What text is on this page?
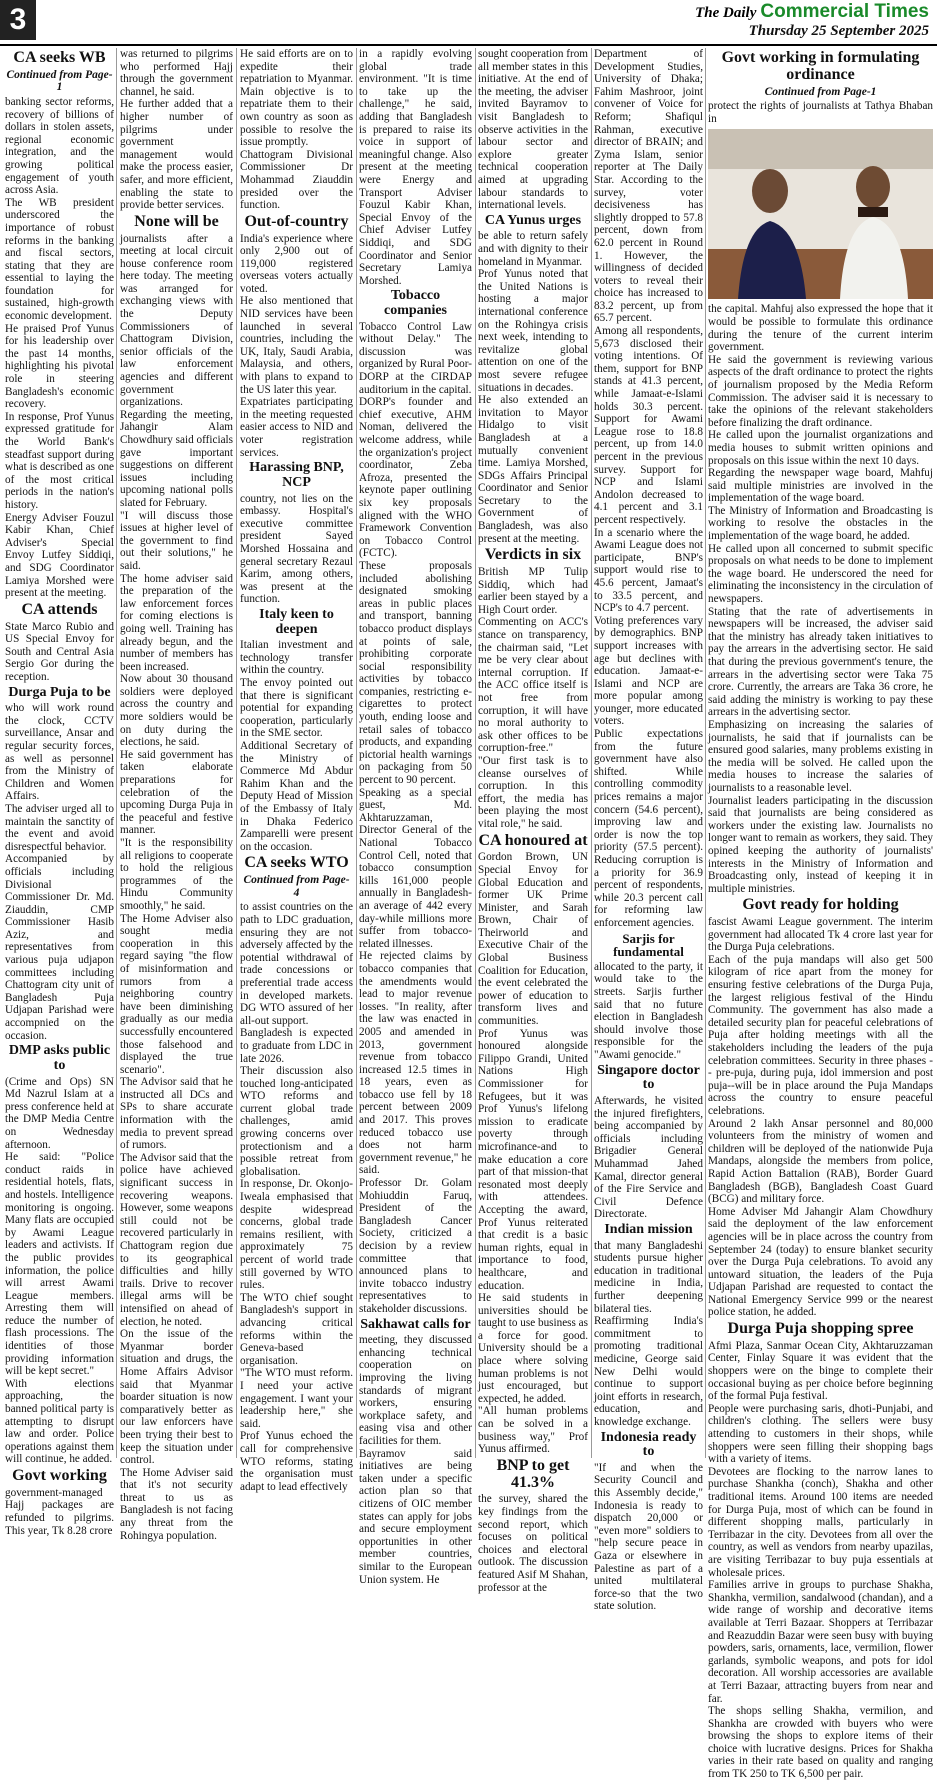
3	The Daily Commercial Times
Thursday 25 September 2025
CA seeks WB
Continued from Page-1

banking sector reforms, recovery of billions of dollars in stolen assets, regional economic integration, and the growing political engagement of youth across Asia.

The WB president underscored the importance of robust reforms in the banking and fiscal sectors, stating that they are essential to laying the foundation for sustained, high-growth economic development.

He praised Prof Yunus for his leadership over the past 14 months, highlighting his pivotal role in steering Bangladesh's economic recovery.

In response, Prof Yunus expressed gratitude for the World Bank's steadfast support during what is described as one of the most critical periods in the nation's history.

Energy Adviser Fouzul Kabir Khan, Chief Adviser's Special Envoy Lutfey Siddiqi, and SDG Coordinator Lamiya Morshed were present at the meeting.

CA attends

State Marco Rubio and US Special Envoy for South and Central Asia Sergio Gor during the reception.

Durga Puja to be

who will work round the clock, CCTV surveillance, Ansar and regular security forces, as well as personnel from the Ministry of Children and Women Affairs.

The adviser urged all to maintain the sanctity of the event and avoid disrespectful behavior.

Accompanied by officials including Divisional Commissioner Dr. Md. Ziauddin, CMP Commissioner Hasib Aziz, and representatives from various puja udjapon committees including Chattogram city unit of Bangladesh Puja Udjapan Parishad were accompnied on the occasion.

DMP asks public to

(Crime and Ops) SN Md Nazrul Islam at a press conference held at the DMP Media Centre on Wednesday afternoon.

He said: "Police conduct raids in residential hotels, flats, and hostels. Intelligence monitoring is ongoing. Many flats are occupied by Awami League leaders and activists. If the public provides information, the police will arrest Awami League members. Arresting them will reduce the number of flash processions. The identities of those providing information will be kept secret."

With elections approaching, the banned political party is attempting to disrupt law and order. Police operations against them will continue, he added.

Govt working

government-managed Hajj packages are refunded to pilgrims. This year, Tk 8.28 crore

was returned to pilgrims who performed Hajj through the government channel, he said.

He further added that a higher number of pilgrims under government management would make the process easier, safer, and more efficient, enabling the state to provide better services.

None will be

journalists after a meeting at local circuit house conference room here today. The meeting was arranged for exchanging views with the Deputy Commissioners of Chattogram Division, senior officials of the law enforcement agencies and different government organizations.

Regarding the meeting, Jahangir Alam Chowdhury said officials gave important suggestions on different issues including upcoming national polls slated for February.

"I will discuss those issues at higher level of the government to find out their solutions," he said.

The home adviser said the preparation of the law enforcement forces for coming elections is going well. Training has already begun, and the number of members has been increased.

Now about 30 thousand soldiers were deployed across the country and more soldiers would be on duty during the elections, he said.

He said government has taken elaborate preparations for celebration of the upcoming Durga Puja in the peaceful and festive manner.

"It is the responsibility all religions to cooperate to hold the religious programmes of the Hindu Community smoothly," he said.

The Home Adviser also sought media cooperation in this regard saying "the flow of misinformation and rumors from a neighboring country have been diminishing gradually as our media successfully encountered those falsehood and displayed the true scenario".

The Advisor said that he instructed all DCs and SPs to share accurate information with the media to prevent spread of rumors.

The Advisor said that the police have achieved significant success in recovering weapons. However, some weapons still could not be recovered particularly in Chattogram region due to its geographical difficulties and hilly trails. Drive to recover illegal arms will be intensified on ahead of election, he noted.

On the issue of the Myanmar border situation and drugs, the Home Affairs Advisor said that Myanmar boarder situation is now comparatively better as our law enforcers have been trying their best to keep the situation under control.

The Home Adviser said that it's not security threat to us as Bangladesh is not facing any threat from the Rohingya population.

He said efforts are on to expedite their repatriation to Myanmar. Main objective is to repatriate them to their own country as soon as possible to resolve the issue promptly.

Chattogram Divisional Commissioner Dr Mohammad Ziauddin presided over the function.

Out-of-country

India's experience where only 2,900 out of 119,000 registered overseas voters actually voted.

He also mentioned that NID services have been launched in several countries, including the UK, Italy, Saudi Arabia, Malaysia, and others, with plans to expand to the US later this year.

Expatriates participating in the meeting requested easier access to NID and voter registration services.

Harassing BNP, NCP

country, not lies on the embassy. Hospital's executive committee president Sayed Morshed Hossaina and general secretary Rezaul Karim, among others, was present at the function.

Italy keen to deepen

Italian investment and technology transfer within the country.

The envoy pointed out that there is significant potential for expanding cooperation, particularly in the SME sector.

Additional Secretary of the Ministry of Commerce Md Abdur Rahim Khan and the Deputy Head of Mission of the Embassy of Italy in Dhaka Federico Zamparelli were present on the occasion.

CA seeks WTO
Continued from Page- 4

to assist countries on the path to LDC graduation, ensuring they are not adversely affected by the potential withdrawal of trade concessions or preferential trade access in developed markets. DG WTO assured of her all-out support.

Bangladesh is expected to graduate from LDC in late 2026.

Their discussion also touched long-anticipated WTO reforms and current global trade challenges, amid growing concerns over protectionism and a possible retreat from globalisation.

In response, Dr. Okonjo-Iweala emphasised that despite widespread concerns, global trade remains resilient, with approximately 75 percent of world trade still governed by WTO rules.

The WTO chief sought Bangladesh's support in advancing critical reforms within the Geneva-based organisation.

"The WTO must reform. I need your active engagement. I want your leadership here," she said.

Prof Yunus echoed the call for comprehensive WTO reforms, stating the organisation must adapt to lead effectively

in a rapidly evolving global trade environment. "It is time to take up the challenge," he said, adding that Bangladesh is prepared to raise its voice in support of meaningful change. Also present at the meeting were Energy and Transport Adviser Fouzul Kabir Khan, Special Envoy of the Chief Adviser Lutfey Siddiqi, and SDG Coordinator and Senior Secretary Lamiya Morshed.

Tobacco companies

Tobacco Control Law without Delay." The discussion was organized by Rural Poor-DORP at the CIRDAP auditorium in the capital.

DORP's founder and chief executive, AHM Noman, delivered the welcome address, while the organization's project coordinator, Zeba Afroza, presented the keynote paper outlining six key proposals aligned with the WHO Framework Convention on Tobacco Control (FCTC).

These proposals included abolishing designated smoking areas in public places and transport, banning tobacco product displays at points of sale, prohibiting corporate social responsibility activities by tobacco companies, restricting e-cigarettes to protect youth, ending loose and retail sales of tobacco products, and expanding pictorial health warnings on packaging from 50 percent to 90 percent.

Speaking as a special guest, Md. Akhtaruzzaman, Director General of the National Tobacco Control Cell, noted that tobacco consumption kills 161,000 people annually in Bangladesh-an average of 442 every day-while millions more suffer from tobacco-related illnesses.

He rejected claims by tobacco companies that the amendments would lead to major revenue losses. "In reality, after the law was enacted in 2005 and amended in 2013, government revenue from tobacco increased 12.5 times in 18 years, even as tobacco use fell by 18 percent between 2009 and 2017. This proves reduced tobacco use does not harm government revenue," he said.

Professor Dr. Golam Mohiuddin Faruq, President of the Bangladesh Cancer Society, criticized a decision by a review committee that announced plans to invite tobacco industry representatives to stakeholder discussions.

Sakhawat calls for

meeting, they discussed enhancing technical cooperation on improving the living standards of migrant workers, ensuring workplace safety, and easing visa and other facilities for them.

Bayramov said initiatives are being taken under a specific action plan so that citizens of OIC member states can apply for jobs and secure employment opportunities in other member countries, similar to the European Union system. He

sought cooperation from all member states in this initiative. At the end of the meeting, the adviser invited Bayramov to visit Bangladesh to observe activities in the labour sector and explore greater technical cooperation aimed at upgrading labour standards to international levels.

CA Yunus urges

be able to return safely and with dignity to their homeland in Myanmar.

Prof Yunus noted that the United Nations is hosting a major international conference on the Rohingya crisis next week, intending to revitalize global attention on one of the most severe refugee situations in decades.

He also extended an invitation to Mayor Hidalgo to visit Bangladesh at a mutually convenient time. Lamiya Morshed, SDGs Affairs Principal Coordinator and Senior Secretary to the Government of Bangladesh, was also present at the meeting.

Verdicts in six

British MP Tulip Siddiq, which had earlier been stayed by a High Court order.

Commenting on ACC's stance on transparency, the chairman said, "Let me be very clear about internal corruption. If the ACC office itself is not free from corruption, it will have no moral authority to ask other offices to be corruption-free."

"Our first task is to cleanse ourselves of corruption. In this effort, the media has been playing the most vital role," he said.

CA honoured at

Gordon Brown, UN Special Envoy for Global Education and former UK Prime Minister, and Sarah Brown, Chair of Theirworld and Executive Chair of the Global Business Coalition for Education, the event celebrated the power of education to transform lives and communities.

Prof Yunus was honoured alongside Filippo Grandi, United Nations High Commissioner for Refugees, but it was Prof Yunus's lifelong mission to eradicate poverty through microfinance-and to make education a core part of that mission-that resonated most deeply with attendees. Accepting the award, Prof Yunus reiterated that credit is a basic human rights, equal in importance to food, healthcare, and education.

He said students in universities should be taught to use business as a force for good. University should be a place where solving human problems is not just encouraged, but expected, he added.

"All human problems can be solved in a business way," Prof Yunus affirmed.

BNP to get 41.3%

the survey, shared the key findings from the second report, which focuses on political choices and electoral outlook. The discussion featured Asif M Shahan, professor at the

Department of Development Studies, University of Dhaka; Fahim Mashroor, joint convener of Voice for Reform; Shafiqul Rahman, executive director of BRAIN; and Zyma Islam, senior reporter at The Daily Star. According to the survey, voter decisiveness has slightly dropped to 57.8 percent, down from 62.0 percent in Round 1. However, the willingness of decided voters to reveal their choice has increased to 83.2 percent, up from 65.7 percent.

Among all respondents, 5,673 disclosed their voting intentions. Of them, support for BNP stands at 41.3 percent, while Jamaat-e-Islami holds 30.3 percent. Support for Awami League rose to 18.8 percent, up from 14.0 percent in the previous survey. Support for NCP and Islami Andolon decreased to 4.1 percent and 3.1 percent respectively.

In a scenario where the Awami League does not participate, BNP's support would rise to 45.6 percent, Jamaat's to 33.5 percent, and NCP's to 4.7 percent.

Voting preferences vary by demographics. BNP support increases with age but declines with education. Jamaat-e-Islami and NCP are more popular among younger, more educated voters.

Public expectations from the future government have also shifted. While controlling commodity prices remains a major concern (54.6 percent), improving law and order is now the top priority (57.5 percent). Reducing corruption is a priority for 36.9 percent of respondents, while 20.3 percent call for reforming law enforcement agencies.

Sarjis for fundamental

allocated to the party, it would take to the streets. Sarjis further said that no future election in Bangladesh should involve those responsible for the "Awami genocide."

Singapore doctor to

Afterwards, he visited the injured firefighters, being accompanied by officials including Brigadier General Muhammad Jahed Kamal, director general of the Fire Service and Civil Defence Directorate.

Indian mission

that many Bangladeshi students pursue higher education in traditional medicine in India, further deepening bilateral ties.

Reaffirming India's commitment to promoting traditional medicine, George said New Delhi would continue to support joint efforts in research, education, and knowledge exchange.

Indonesia ready to

"If and when the Security Council and this Assembly decide," Indonesia is ready to dispatch 20,000 or "even more" soldiers to "help secure peace in Gaza or elsewhere in Palestine as part of a united multilateral force-so that the two state solution.

Govt working in formulating ordinance
Continued from Page-1

protect the rights of journalists at Tathya Bhaban in

the capital. Mahfuj also expressed the hope that it would be possible to formulate this ordinance during the tenure of the current interim government.

He said the government is reviewing various aspects of the draft ordinance to protect the rights of journalism proposed by the Media Reform Commission. The adviser said it is necessary to take the opinions of the relevant stakeholders before finalizing the draft ordinance.

He called upon the journalist organizations and media houses to submit written opinions and proposals on this issue within the next 10 days.

Regarding the newspaper wage board, Mahfuj said multiple ministries are involved in the implementation of the wage board.

The Ministry of Information and Broadcasting is working to resolve the obstacles in the implementation of the wage board, he added.

He called upon all concerned to submit specific proposals on what needs to be done to implement the wage board. He underscored the need for eliminating the inconsistency in the circulation of newspapers.

Stating that the rate of advertisements in newspapers will be increased, the adviser said that the ministry has already taken initiatives to pay the arrears in the advertising sector. He said that during the previous government's tenure, the arrears in the advertising sector were Taka 75 crore. Currently, the arrears are Taka 36 crore, he said adding the ministry is working to pay these arrears in the advertising sector.

Emphasizing on increasing the salaries of journalists, he said that if journalists can be ensured good salaries, many problems existing in the media will be solved. He called upon the media houses to increase the salaries of journalists to a reasonable level.

Journalist leaders participating in the discussion said that journalists are being considered as workers under the existing law. Journalists no longer want to remain as workers, they said. They opined keeping the authority of journalists' interests in the Ministry of Information and Broadcasting only, instead of keeping it in multiple ministries.

Govt ready for holding

fascist Awami League government. The interim government had allocated Tk 4 crore last year for the Durga Puja celebrations.

Each of the puja mandaps will also get 500 kilogram of rice apart from the money for ensuring festive celebrations of the Durga Puja, the largest religious festival of the Hindu Community. The government has also made a detailed security plan for peaceful celebrations of Puja after holding meetings with all the stakeholders including the leaders of the puja celebration committees. Security in three phases -- pre-puja, during puja, idol immersion and post puja--will be in place around the Puja Mandaps across the country to ensure peaceful celebrations.

Around 2 lakh Ansar personnel and 80,000 volunteers from the ministry of women and children will be deployed of the nationwide Puja Mandaps, alongside the members from police, Rapid Action Battalion (RAB), Border Guard Bangladesh (BGB), Bangladesh Coast Guard (BCG) and military force.

Home Adviser Md Jahangir Alam Chowdhury said the deployment of the law enforcement agencies will be in place across the country from September 24 (today) to ensure blanket security over the Durga Puja celebrations. To avoid any untoward situation, the leaders of the Puja Udjapan Parishad are requested to contact the National Emergency Service 999 or the nearest police station, he added.

Durga Puja shopping spree

Afmi Plaza, Sanmar Ocean City, Akhtaruzzaman Center, Finlay Square it was evident that the shoppers were on the binge to complete their occasional buying as per choice before beginning of the formal Puja festival.

People were purchasing saris, dhoti-Punjabi, and children's clothing. The sellers were busy attending to customers in their shops, while shoppers were seen filling their shopping bags with a variety of items.

Devotees are flocking to the narrow lanes to purchase Shankha (conch), Shakha and other traditional items. Around 100 items are needed for Durga Puja, most of which can be found in different shopping malls, particularly in Terribazar in the city. Devotees from all over the country, as well as vendors from nearby upazilas, are visiting Terribazar to buy puja essentials at wholesale prices.

Families arrive in groups to purchase Shakha, Shankha, vermilion, sandalwood (chandan), and a wide range of worship and decorative items available at Terri Bazaar. Shoppers at Terribazar and Reazuddin Bazar were seen busy with buying powders, saris, ornaments, lace, vermilion, flower garlands, symbolic weapons, and pots for idol decoration. All worship accessories are available at Terri Bazaar, attracting buyers from near and far.

The shops selling Shakha, vermilion, and Shankha are crowded with buyers who were browsing the shops to explore items of their choice with lucrative designs. Prices for Shakha varies in their rate based on quality and ranging from TK 250 to TK 6,500 per pair.
